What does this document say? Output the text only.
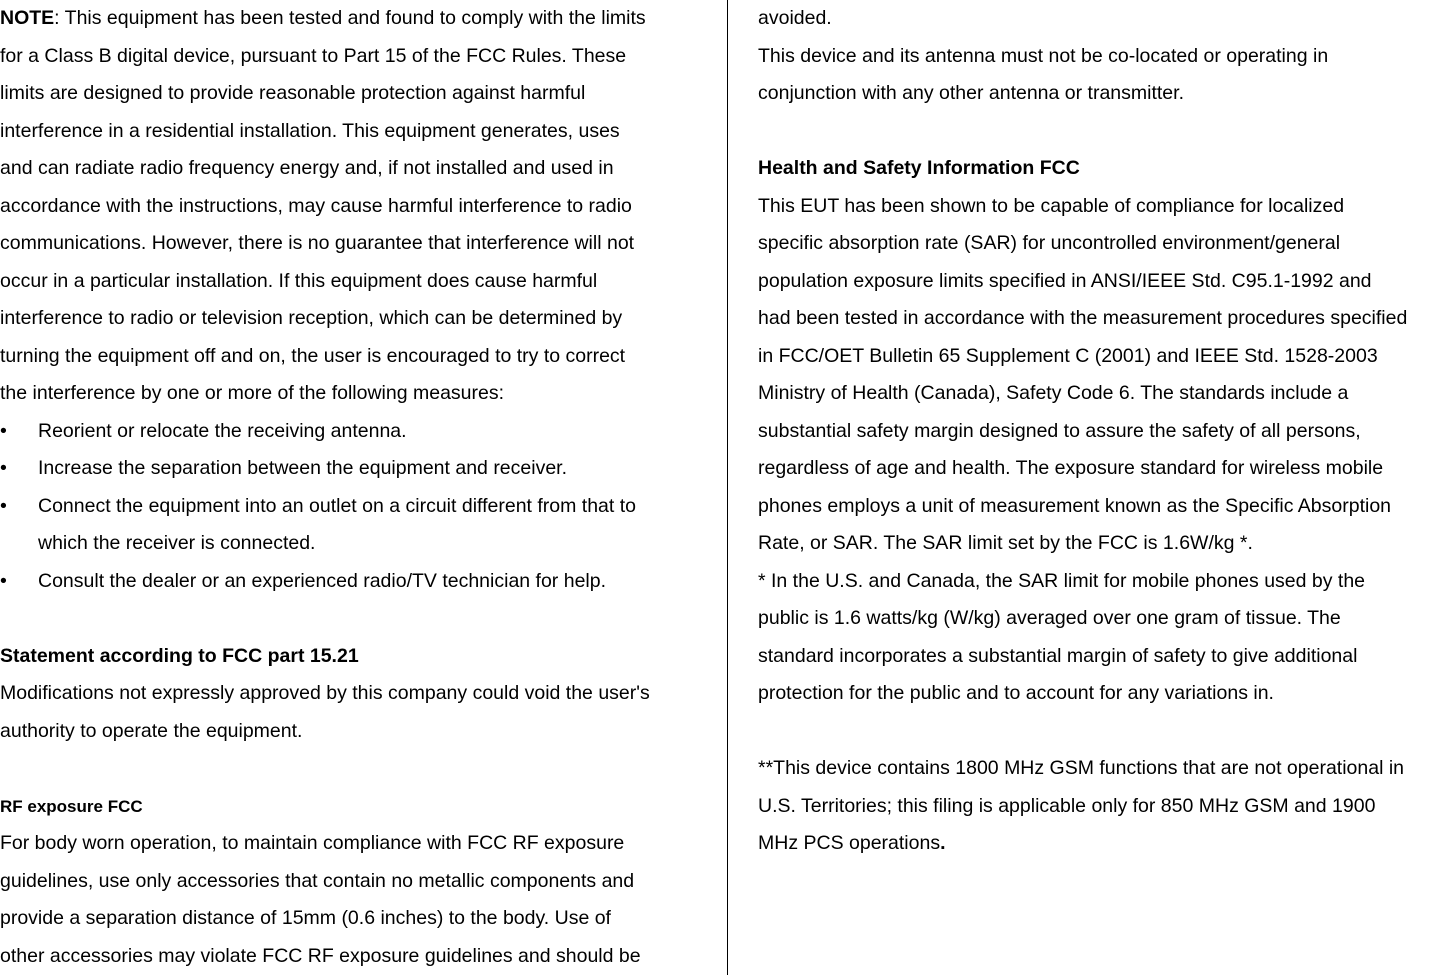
NOTE: This equipment has been tested and found to comply with the limits
for a Class B digital device, pursuant to Part 15 of the FCC Rules. These
limits are designed to provide reasonable protection against harmful
interference in a residential installation. This equipment generates, uses
and can radiate radio frequency energy and, if not installed and used in
accordance with the instructions, may cause harmful interference to radio
communications. However, there is no guarantee that interference will not
occur in a particular installation. If this equipment does cause harmful
interference to radio or television reception, which can be determined by
turning the equipment off and on, the user is encouraged to try to correct
the interference by one or more of the following measures:
• Reorient or relocate the receiving antenna.
• Increase the separation between the equipment and receiver.
• Connect the equipment into an outlet on a circuit different from that to
which the receiver is connected.
• Consult the dealer or an experienced radio/TV technician for help.
Statement according to FCC part 15.21
Modifications not expressly approved by this company could void the user's
authority to operate the equipment.
RF exposure FCC
For body worn operation, to maintain compliance with FCC RF exposure
guidelines, use only accessories that contain no metallic components and
provide a separation distance of 15mm (0.6 inches) to the body. Use of
other accessories may violate FCC RF exposure guidelines and should be
avoided.
This device and its antenna must not be co-located or operating in
conjunction with any other antenna or transmitter.
Health and Safety Information FCC
This EUT has been shown to be capable of compliance for localized
specific absorption rate (SAR) for uncontrolled environment/general
population exposure limits specified in ANSI/IEEE Std. C95.1-1992 and
had been tested in accordance with the measurement procedures specified
in FCC/OET Bulletin 65 Supplement C (2001) and IEEE Std. 1528-2003
Ministry of Health (Canada), Safety Code 6. The standards include a
substantial safety margin designed to assure the safety of all persons,
regardless of age and health. The exposure standard for wireless mobile
phones employs a unit of measurement known as the Specific Absorption
Rate, or SAR. The SAR limit set by the FCC is 1.6W/kg *.
* In the U.S. and Canada, the SAR limit for mobile phones used by the
public is 1.6 watts/kg (W/kg) averaged over one gram of tissue. The
standard incorporates a substantial margin of safety to give additional
protection for the public and to account for any variations in.
**This device contains 1800 MHz GSM functions that are not operational in
U.S. Territories; this filing is applicable only for 850 MHz GSM and 1900
MHz PCS operations.
